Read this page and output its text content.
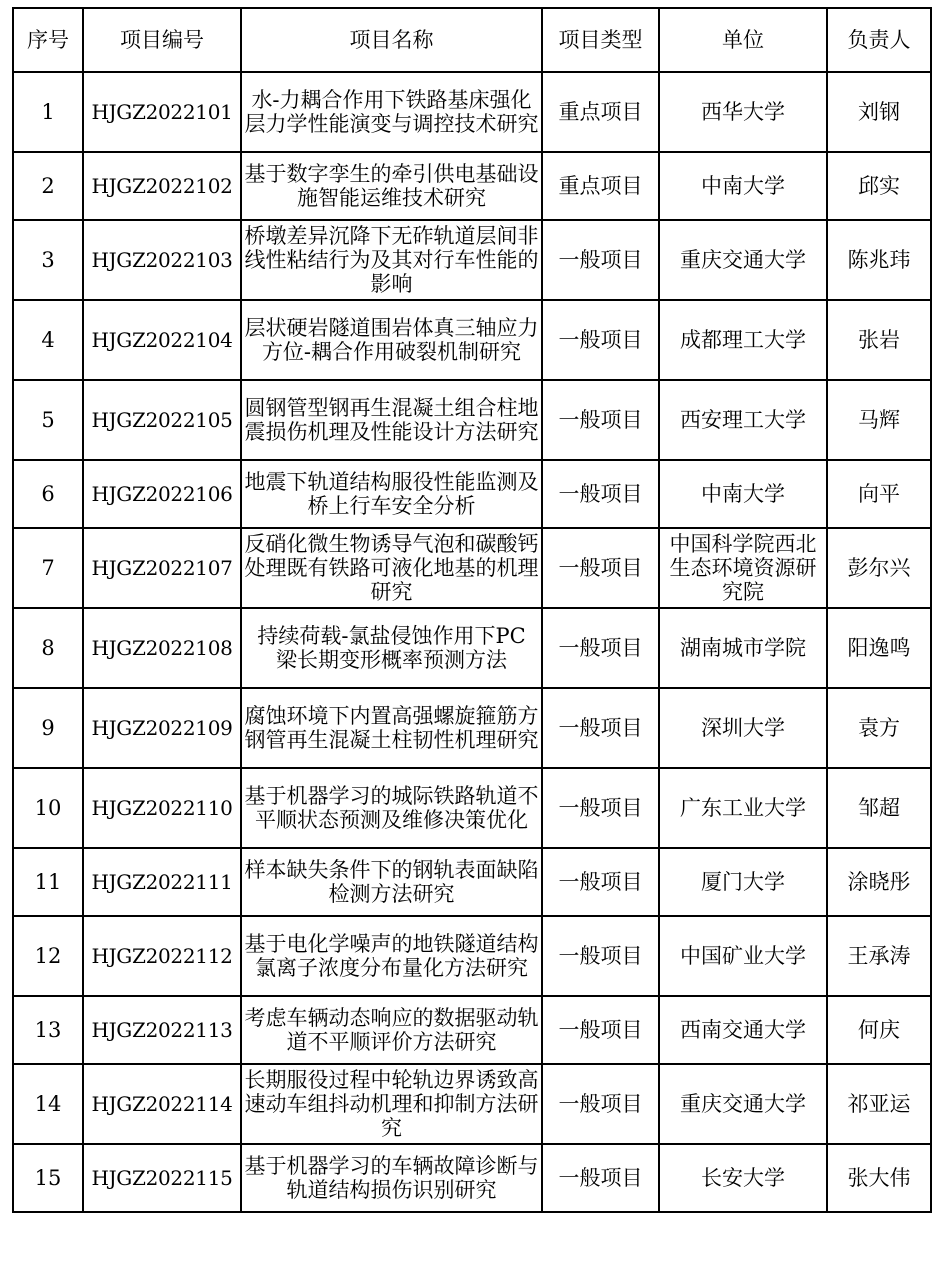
序号	项目编号	项目名称	项目类型	单位	负责人
1	HJGZ2022101	水-力耦合作用下铁路基床强化层力学性能演变与调控技术研究	重点项目	西华大学	刘钢
2	HJGZ2022102	基于数字孪生的牵引供电基础设施智能运维技术研究	重点项目	中南大学	邱实
3	HJGZ2022103	桥墩差异沉降下无砟轨道层间非线性粘结行为及其对行车性能的影响	一般项目	重庆交通大学	陈兆玮
4	HJGZ2022104	层状硬岩隧道围岩体真三轴应力方位-耦合作用破裂机制研究	一般项目	成都理工大学	张岩
5	HJGZ2022105	圆钢管型钢再生混凝土组合柱地震损伤机理及性能设计方法研究	一般项目	西安理工大学	马辉
6	HJGZ2022106	地震下轨道结构服役性能监测及桥上行车安全分析	一般项目	中南大学	向平
7	HJGZ2022107	反硝化微生物诱导气泡和碳酸钙处理既有铁路可液化地基的机理研究	一般项目	中国科学院西北生态环境资源研究院	彭尔兴
8	HJGZ2022108	持续荷载-氯盐侵蚀作用下PC 梁长期变形概率预测方法	一般项目	湖南城市学院	阳逸鸣
9	HJGZ2022109	腐蚀环境下内置高强螺旋箍筋方钢管再生混凝土柱韧性机理研究	一般项目	深圳大学	袁方
10	HJGZ2022110	基于机器学习的城际铁路轨道不平顺状态预测及维修决策优化	一般项目	广东工业大学	邹超
11	HJGZ2022111	样本缺失条件下的钢轨表面缺陷检测方法研究	一般项目	厦门大学	涂晓彤
12	HJGZ2022112	基于电化学噪声的地铁隧道结构氯离子浓度分布量化方法研究	一般项目	中国矿业大学	王承涛
13	HJGZ2022113	考虑车辆动态响应的数据驱动轨道不平顺评价方法研究	一般项目	西南交通大学	何庆
14	HJGZ2022114	长期服役过程中轮轨边界诱致高速动车组抖动机理和抑制方法研究	一般项目	重庆交通大学	祁亚运
15	HJGZ2022115	基于机器学习的车辆故障诊断与轨道结构损伤识别研究	一般项目	长安大学	张大伟
